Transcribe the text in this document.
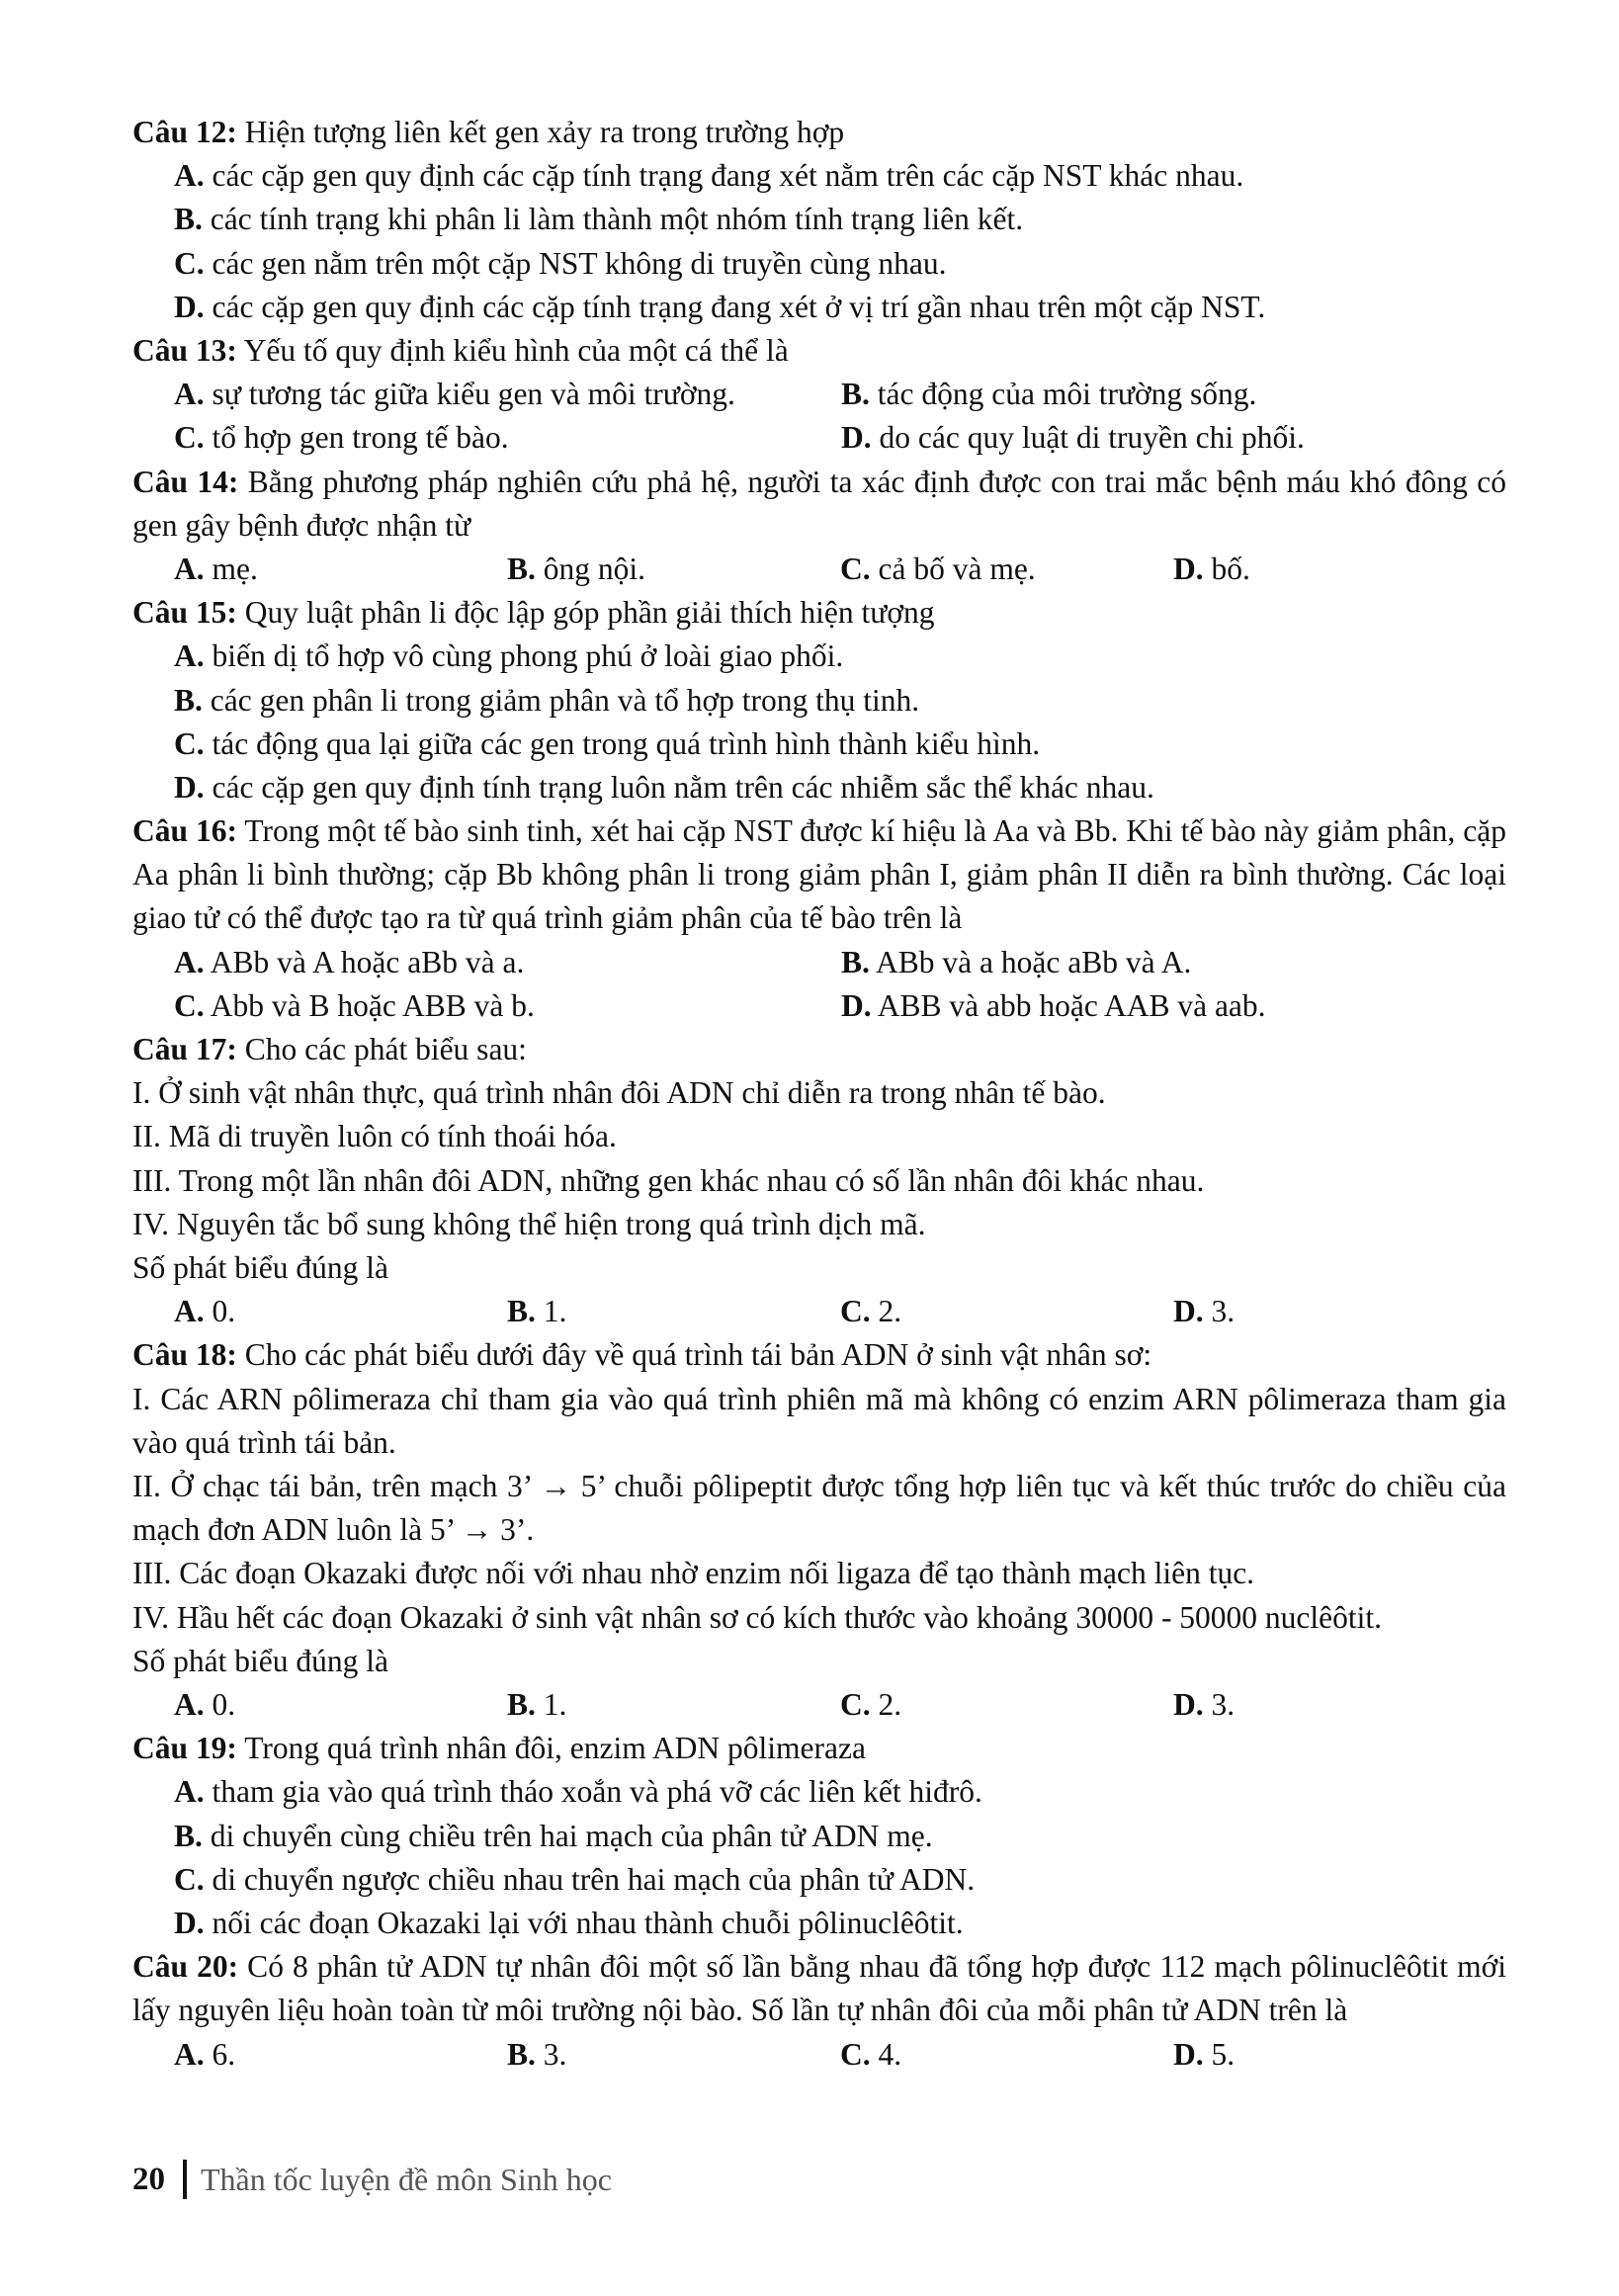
Câu 12: Hiện tượng liên kết gen xảy ra trong trường hợp
A. các cặp gen quy định các cặp tính trạng đang xét nằm trên các cặp NST khác nhau.
B. các tính trạng khi phân li làm thành một nhóm tính trạng liên kết.
C. các gen nằm trên một cặp NST không di truyền cùng nhau.
D. các cặp gen quy định các cặp tính trạng đang xét ở vị trí gần nhau trên một cặp NST.
Câu 13: Yếu tố quy định kiểu hình của một cá thể là
A. sự tương tác giữa kiểu gen và môi trường.	B. tác động của môi trường sống.
C. tổ hợp gen trong tế bào.	D. do các quy luật di truyền chi phối.
Câu 14: Bằng phương pháp nghiên cứu phả hệ, người ta xác định được con trai mắc bệnh máu khó đông có gen gây bệnh được nhận từ
A. mẹ.	B. ông nội.	C. cả bố và mẹ.	D. bố.
Câu 15: Quy luật phân li độc lập góp phần giải thích hiện tượng
A. biến dị tổ hợp vô cùng phong phú ở loài giao phối.
B. các gen phân li trong giảm phân và tổ hợp trong thụ tinh.
C. tác động qua lại giữa các gen trong quá trình hình thành kiểu hình.
D. các cặp gen quy định tính trạng luôn nằm trên các nhiễm sắc thể khác nhau.
Câu 16: Trong một tế bào sinh tinh, xét hai cặp NST được kí hiệu là Aa và Bb. Khi tế bào này giảm phân, cặp Aa phân li bình thường; cặp Bb không phân li trong giảm phân I, giảm phân II diễn ra bình thường. Các loại giao tử có thể được tạo ra từ quá trình giảm phân của tế bào trên là
A. ABb và A hoặc aBb và a.	B. ABb và a hoặc aBb và A.
C. Abb và B hoặc ABB và b.	D. ABB và abb hoặc AAB và aab.
Câu 17: Cho các phát biểu sau:
I. Ở sinh vật nhân thực, quá trình nhân đôi ADN chỉ diễn ra trong nhân tế bào.
II. Mã di truyền luôn có tính thoái hóa.
III. Trong một lần nhân đôi ADN, những gen khác nhau có số lần nhân đôi khác nhau.
IV. Nguyên tắc bổ sung không thể hiện trong quá trình dịch mã.
Số phát biểu đúng là
A. 0.	B. 1.	C. 2.	D. 3.
Câu 18: Cho các phát biểu dưới đây về quá trình tái bản ADN ở sinh vật nhân sơ:
I. Các ARN pôlimeraza chỉ tham gia vào quá trình phiên mã mà không có enzim ARN pôlimeraza tham gia vào quá trình tái bản.
II. Ở chạc tái bản, trên mạch 3’ → 5’ chuỗi pôlipeptit được tổng hợp liên tục và kết thúc trước do chiều của mạch đơn ADN luôn là 5’ → 3’.
III. Các đoạn Okazaki được nối với nhau nhờ enzim nối ligaza để tạo thành mạch liên tục.
IV. Hầu hết các đoạn Okazaki ở sinh vật nhân sơ có kích thước vào khoảng 30000 - 50000 nuclêôtit.
Số phát biểu đúng là
A. 0.	B. 1.	C. 2.	D. 3.
Câu 19: Trong quá trình nhân đôi, enzim ADN pôlimeraza
A. tham gia vào quá trình tháo xoắn và phá vỡ các liên kết hiđrô.
B. di chuyển cùng chiều trên hai mạch của phân tử ADN mẹ.
C. di chuyển ngược chiều nhau trên hai mạch của phân tử ADN.
D. nối các đoạn Okazaki lại với nhau thành chuỗi pôlinuclêôtit.
Câu 20: Có 8 phân tử ADN tự nhân đôi một số lần bằng nhau đã tổng hợp được 112 mạch pôlinuclêôtit mới lấy nguyên liệu hoàn toàn từ môi trường nội bào. Số lần tự nhân đôi của mỗi phân tử ADN trên là
A. 6.	B. 3.	C. 4.	D. 5.
20 Thần tốc luyện đề môn Sinh học
